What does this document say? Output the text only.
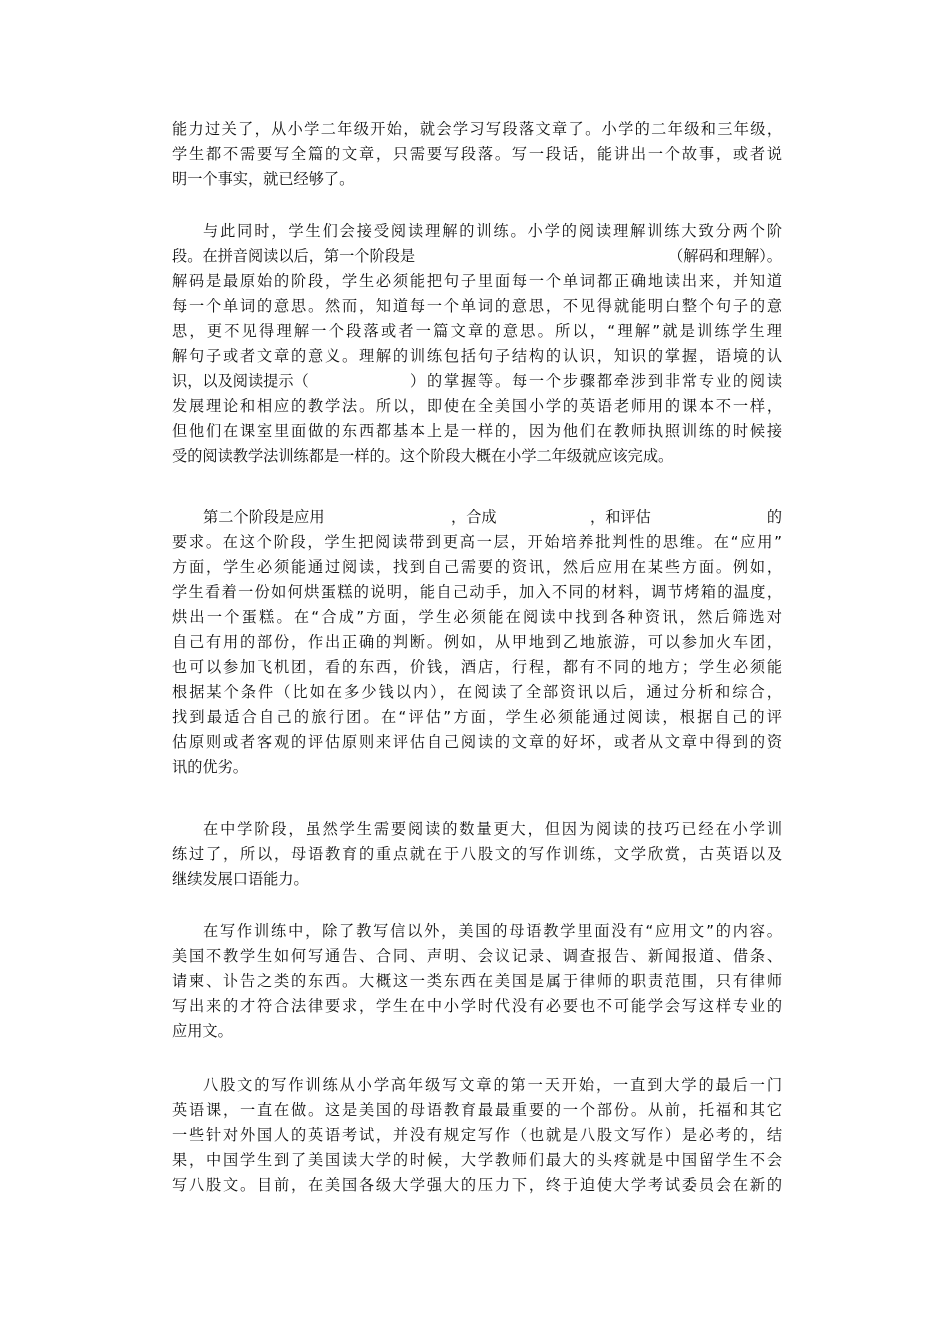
能力过关了，从小学二年级开始，就会学习写段落文章了。小学的二年级和三年级，
学生都不需要写全篇的文章，只需要写段落。写一段话，能讲出一个故事，或者说
明一个事实，就已经够了。
与此同时，学生们会接受阅读理解的训练。小学的阅读理解训练大致分两个阶
段。在拼音阅读以后，第一个阶段是	（解码和理解）。
解码是最原始的阶段，学生必须能把句子里面每一个单词都正确地读出来，并知道
每一个单词的意思。然而，知道每一个单词的意思，不见得就能明白整个句子的意
思，更不见得理解一个段落或者一篇文章的意思。所以，“理解”就是训练学生理
解句子或者文章的意义。理解的训练包括句子结构的认识，知识的掌握，语境的认
识，以及阅读提示（	）的掌握等。每一个步骤都牵涉到非常专业的阅读
发展理论和相应的教学法。所以，即使在全美国小学的英语老师用的课本不一样，
但他们在课室里面做的东西都基本上是一样的，因为他们在教师执照训练的时候接
受的阅读教学法训练都是一样的。这个阶段大概在小学二年级就应该完成。
第二个阶段是应用	，合成	，和评估	的
要求。在这个阶段，学生把阅读带到更高一层，开始培养批判性的思维。在“应用”
方面，学生必须能通过阅读，找到自己需要的资讯，然后应用在某些方面。例如，
学生看着一份如何烘蛋糕的说明，能自己动手，加入不同的材料，调节烤箱的温度，
烘出一个蛋糕。在“合成”方面，学生必须能在阅读中找到各种资讯，然后筛选对
自己有用的部份，作出正确的判断。例如，从甲地到乙地旅游，可以参加火车团，
也可以参加飞机团，看的东西，价钱，酒店，行程，都有不同的地方；学生必须能
根据某个条件（比如在多少钱以内），在阅读了全部资讯以后，通过分析和综合，
找到最适合自己的旅行团。在“评估”方面，学生必须能通过阅读，根据自己的评
估原则或者客观的评估原则来评估自己阅读的文章的好坏，或者从文章中得到的资
讯的优劣。
在中学阶段，虽然学生需要阅读的数量更大，但因为阅读的技巧已经在小学训
练过了，所以，母语教育的重点就在于八股文的写作训练，文学欣赏，古英语以及
继续发展口语能力。
在写作训练中，除了教写信以外，美国的母语教学里面没有“应用文”的内容。
美国不教学生如何写通告、合同、声明、会议记录、调查报告、新闻报道、借条、
请柬、讣告之类的东西。大概这一类东西在美国是属于律师的职责范围，只有律师
写出来的才符合法律要求，学生在中小学时代没有必要也不可能学会写这样专业的
应用文。
八股文的写作训练从小学高年级写文章的第一天开始，一直到大学的最后一门
英语课，一直在做。这是美国的母语教育最最重要的一个部份。从前，托福和其它
一些针对外国人的英语考试，并没有规定写作（也就是八股文写作）是必考的，结
果，中国学生到了美国读大学的时候，大学教师们最大的头疼就是中国留学生不会
写八股文。目前，在美国各级大学强大的压力下，终于迫使大学考试委员会在新的
